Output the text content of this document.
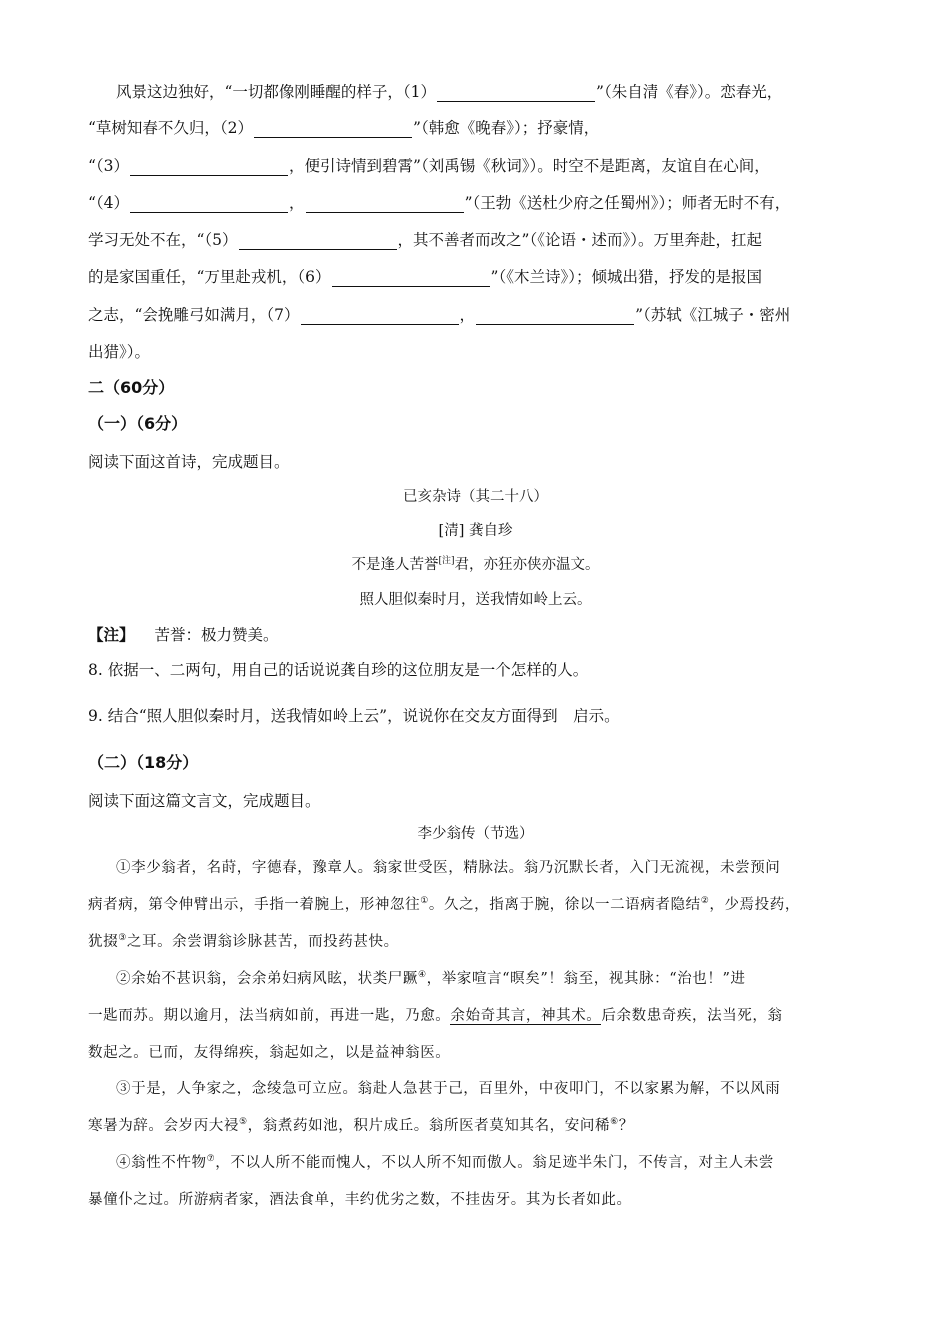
风景这边独好，“一切都像刚睡醒的样子，（1）	”（朱自清《春》）。恋春光，
“草树知春不久归，（2）	”（韩愈《晚春》）；抒豪情，
“（3）	，便引诗情到碧霄”（刘禹锡《秋词》）。时空不是距离，友谊自在心间，
“（4）	，	”（王勃《送杜少府之任蜀州》）；师者无时不有，
学习无处不在，“（5）	，其不善者而改之”（《论语・述而》）。万里奔赴，扛起
的是家国重任，“万里赴戎机，（6）	”（《木兰诗》）；倾城出猎，抒发的是报国
之志，“会挽雕弓如满月，（7）	，	”（苏轼《江城子・密州
出猎》）。
二（60分）
（一）（6分）
阅读下面这首诗，完成题目。
已亥杂诗（其二十八）
[清] 龚自珍
不是逢人苦誉[注]君，亦狂亦侠亦温文。
照人胆似秦时月，送我情如岭上云。
【注】 苦誉：极力赞美。
8. 依据一、二两句，用自己的话说说龚自珍的这位朋友是一个怎样的人。
9. 结合“照人胆似秦时月，送我情如岭上云”，说说你在交友方面得到　启示。
（二）（18分）
阅读下面这篇文言文，完成题目。
李少翁传（节选）
①李少翁者，名莳，字德春，豫章人。翁家世受医，精脉法。翁乃沉默长者，入门无流视，未尝预问
病者病，第令伸臂出示，手指一着腕上，形神忽往①。久之，指离于腕，徐以一二语病者隐结②，少焉投药，
犹掇③之耳。余尝谓翁诊脉甚苦，而投药甚快。
②余始不甚识翁，会余弟妇病风眩，状类尸蹶④，举家喧言“暝矣”！翁至，视其脉：“治也！”进
一匙而苏。期以逾月，法当病如前，再进一匙，乃愈。余始奇其言，神其术。后余数患奇疾，法当死，翁
数起之。已而，友得绵疾，翁起如之，以是益神翁医。
③于是，人争家之，念绫急可立应。翁赴人急甚于己，百里外，中夜叩门，不以家累为解，不以风雨
寒暑为辞。会岁丙大祲⑤，翁煮药如池，积片成丘。翁所医者莫知其名，安问稀⑥？
④翁性不忤物⑦，不以人所不能而愧人，不以人所不知而傲人。翁足迹半朱门，不传言，对主人未尝
暴僮仆之过。所游病者家，酒法食单，丰约优劣之数，不挂齿牙。其为长者如此。
